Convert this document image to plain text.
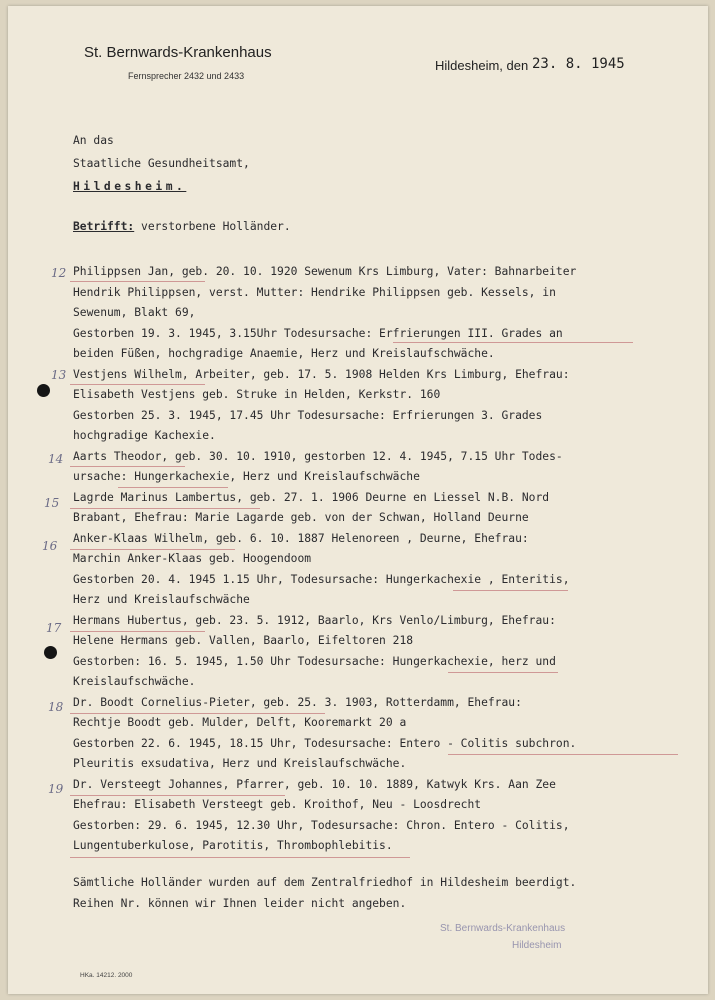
St. Bernwards-Krankenhaus
Fernsprecher 2432 und 2433
Hildesheim, den 23. 8. 1945
An das
Staatliche Gesundheitsamt,
Hildesheim.
Betrifft: verstorbene Holländer.
Philippsen Jan, geb. 20. 10. 1920 Sewenum Krs Limburg, Vater: Bahnarbeiter
Hendrik Philippsen, verst. Mutter: Hendrike Philippsen geb. Kessels, in
Sewenum, Blakt 69,
Gestorben 19. 3. 1945, 3.15Uhr Todesursache: Erfrierungen III. Grades an
beiden Füßen, hochgradige Anaemie, Herz und Kreislaufschwäche.
Vestjens Wilhelm, Arbeiter, geb. 17. 5. 1908 Helden Krs Limburg, Ehefrau:
Elisabeth Vestjens geb. Struke in Helden, Kerkstr. 160
Gestorben 25. 3. 1945, 17.45 Uhr Todesursache: Erfrierungen 3. Grades
hochgradige Kachexie.
Aarts Theodor, geb. 30. 10. 1910, gestorben 12. 4. 1945, 7.15 Uhr Todes-
ursache: Hungerkachexie, Herz und Kreislaufschwäche
Lagrde Marinus Lambertus, geb. 27. 1. 1906 Deurne en Liessel N.B. Nord
Brabant, Ehefrau: Marie Lagarde geb. von der Schwan, Holland Deurne
Anker-Klaas Wilhelm, geb. 6. 10. 1887 Helenoreen , Deurne, Ehefrau:
Marchin Anker-Klaas geb. Hoogendoom
Gestorben 20. 4. 1945 1.15 Uhr, Todesursache: Hungerkachexie , Enteritis,
Herz und Kreislaufschwäche
Hermans Hubertus, geb. 23. 5. 1912, Baarlo, Krs Venlo/Limburg, Ehefrau:
Helene Hermans geb. Vallen, Baarlo, Eifeltoren 218
Gestorben: 16. 5. 1945, 1.50 Uhr Todesursache: Hungerkachexie, herz und
Kreislaufschwäche.
Dr. Boodt Cornelius-Pieter, geb. 25. 3. 1903, Rotterdamm, Ehefrau:
Rechtje Boodt geb. Mulder, Delft, Kooremarkt 20 a
Gestorben 22. 6. 1945, 18.15 Uhr, Todesursache: Entero - Colitis subchron.
Pleuritis exsudativa, Herz und Kreislaufschwäche.
Dr. Versteegt Johannes, Pfarrer, geb. 10. 10. 1889, Katwyk Krs. Aan Zee
Ehefrau: Elisabeth Versteegt geb. Kroithof, Neu - Loosdrecht
Gestorben: 29. 6. 1945, 12.30 Uhr, Todesursache: Chron. Entero - Colitis,
Lungentuberkulose, Parotitis, Thrombophlebitis.
12
13
14
15
16
17
18
19
Sämtliche Holländer wurden auf dem Zentralfriedhof in Hildesheim beerdigt.
Reihen Nr. können wir Ihnen leider nicht angeben.
St. Bernwards-Krankenhaus
Hildesheim
HKa. 14212. 2000
